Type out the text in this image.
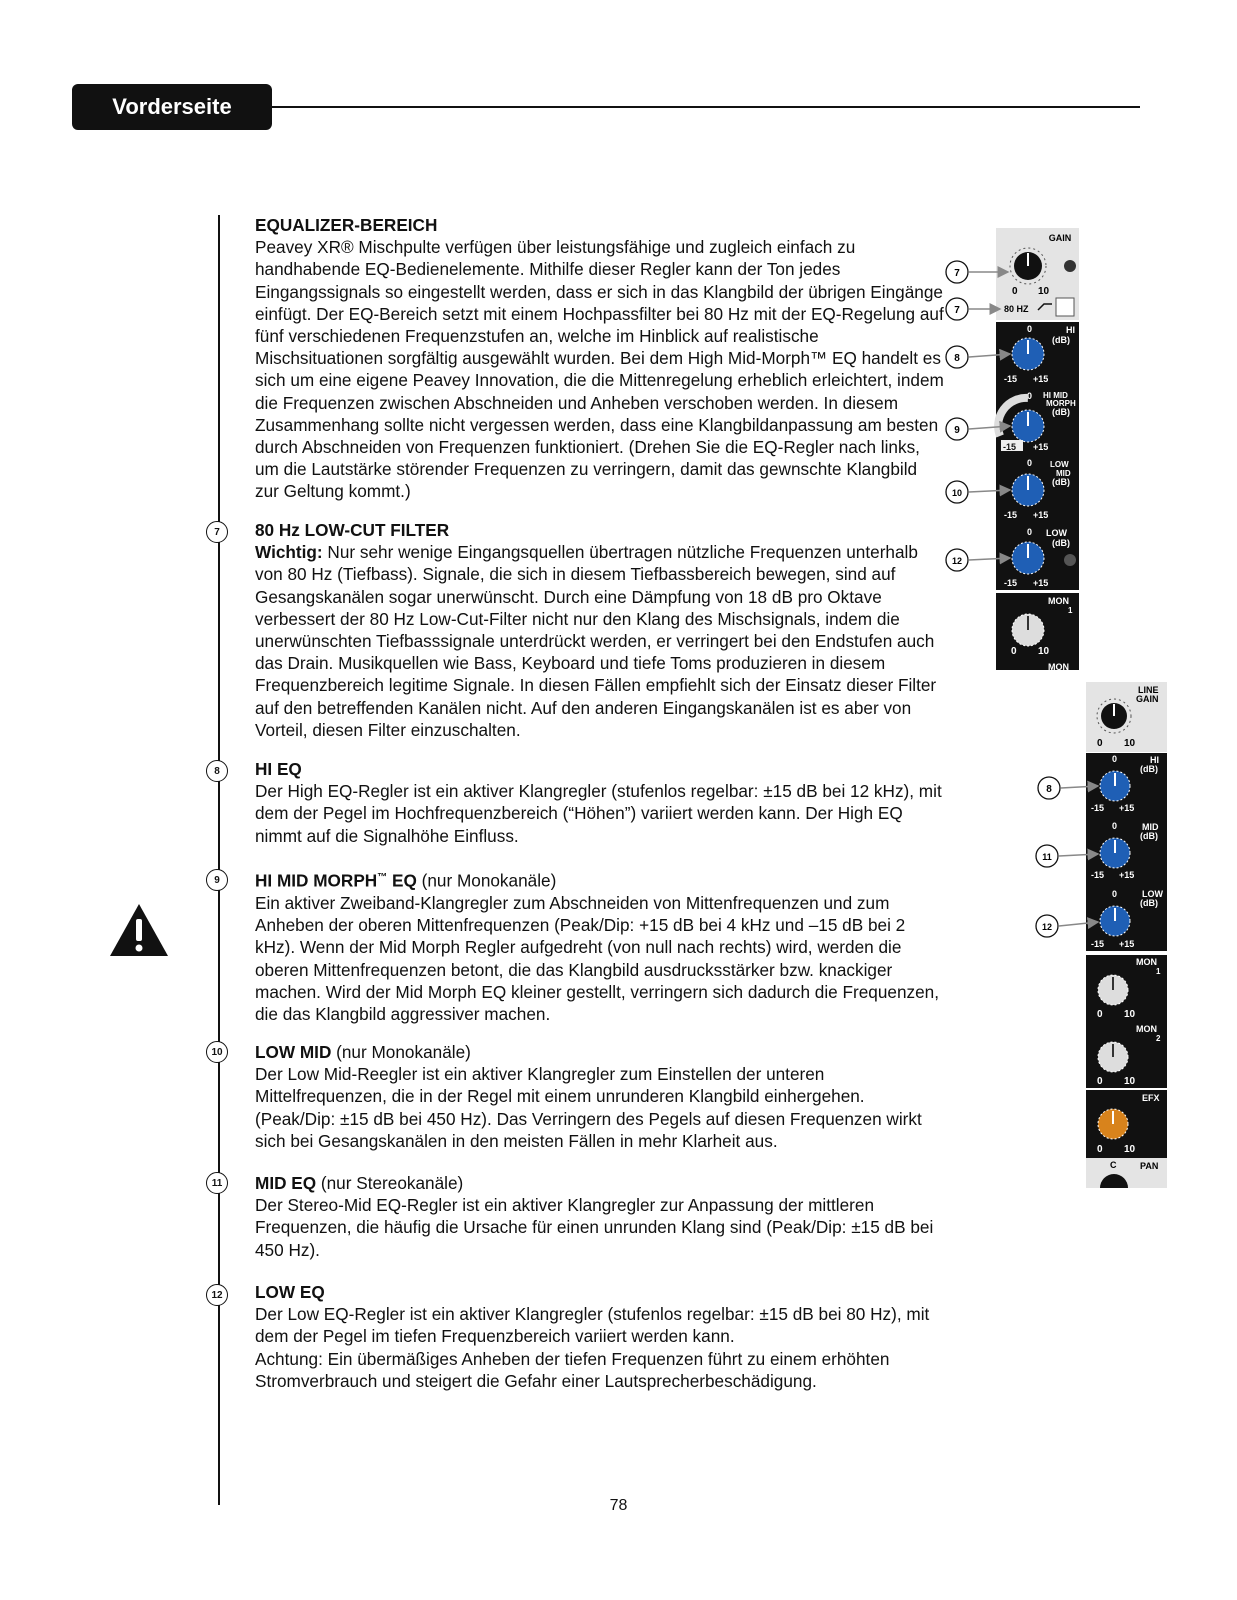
Vorderseite
7
8
9
10
11
12
EQUALIZER-BEREICH

Peavey XR® Mischpulte verfügen über leistungsfähige und zugleich einfach zu handhabende EQ-Bedienelemente. Mithilfe dieser Regler kann der Ton jedes Eingangssignals so eingestellt werden, dass er sich in das Klangbild der übrigen Eingänge einfügt. Der EQ-Bereich setzt mit einem Hochpassfilter bei 80 Hz mit der EQ-Regelung auf fünf verschiedenen Frequenzstufen an, welche im Hinblick auf realistische Mischsituationen sorgfältig ausgewählt wurden. Bei dem High Mid-Morph™ EQ handelt es sich um eine eigene Peavey Innovation, die die Mittenregelung erheblich erleichtert, indem die Frequenzen zwischen Abschneiden und Anheben verschoben werden. In diesem Zusammenhang sollte nicht vergessen werden, dass eine Klangbildanpassung am besten durch Abschneiden von Frequenzen funktioniert. (Drehen Sie die EQ-Regler nach links, um die Lautstärke störender Frequenzen zu verringern, damit das gewnschte Klangbild zur Geltung kommt.)

80 Hz LOW-CUT FILTER

Wichtig: Nur sehr wenige Eingangsquellen übertragen nützliche Frequenzen unterhalb von 80 Hz (Tiefbass). Signale, die sich in diesem Tiefbassbereich bewegen, sind auf Gesangskanälen sogar unerwünscht. Durch eine Dämpfung von 18 dB pro Oktave verbessert der 80 Hz Low-Cut-Filter nicht nur den Klang des Mischsignals, indem die unerwünschten Tiefbasssignale unterdrückt werden, er verringert bei den Endstufen auch das Drain. Musikquellen wie Bass, Keyboard und tiefe Toms produzieren in diesem Frequenzbereich legitime Signale. In diesen Fällen empfiehlt sich der Einsatz dieser Filter auf den betreffenden Kanälen nicht. Auf den anderen Eingangskanälen ist es aber von Vorteil, diesen Filter einzuschalten.

HI EQ

Der High EQ-Regler ist ein aktiver Klangregler (stufenlos regelbar: ±15 dB bei 12 kHz), mit dem der Pegel im Hochfrequenzbereich (“Höhen”) variiert werden kann. Der High EQ nimmt auf die Signalhöhe Einfluss.

HI MID MORPH™ EQ (nur Monokanäle)

Ein aktiver Zweiband-Klangregler zum Abschneiden von Mittenfrequenzen und zum Anheben der oberen Mittenfrequenzen (Peak/Dip: +15 dB bei 4 kHz und –15 dB bei 2 kHz). Wenn der Mid Morph Regler aufgedreht (von null nach rechts) wird, werden die oberen Mittenfrequenzen betont, die das Klangbild ausdrucksstärker bzw. knackiger machen. Wird der Mid Morph EQ kleiner gestellt, verringern sich dadurch die Frequenzen, die das Klangbild aggressiver machen.

LOW MID (nur Monokanäle)

Der Low Mid-Reegler ist ein aktiver Klangregler zum Einstellen der unteren Mittelfrequenzen, die in der Regel mit einem unrunderen Klangbild einhergehen. (Peak/Dip: ±15 dB bei 450 Hz). Das Verringern des Pegels auf diesen Frequenzen wirkt sich bei Gesangskanälen in den meisten Fällen in mehr Klarheit aus.

MID EQ (nur Stereokanäle)

Der Stereo-Mid EQ-Regler ist ein aktiver Klangregler zur Anpassung der mittleren Frequenzen, die häufig die Ursache für einen unrunden Klang sind (Peak/Dip: ±15 dB bei 450 Hz).

LOW EQ

Der Low EQ-Regler ist ein aktiver Klangregler (stufenlos regelbar: ±15 dB bei 80 Hz), mit dem der Pegel im tiefen Frequenzbereich variiert werden kann.

Achtung: Ein übermäßiges Anheben der tiefen Frequenzen führt zu einem erhöhten Stromverbrauch und steigert die Gefahr einer Lautsprecherbeschädigung.

GAIN
0 10
80 HZ
0	HI
(dB)
-15 +15
0 HI MID
MORPH
(dB)
-15 +15
0 LOW
MID
(dB)
-15 +15
0 LOW
(dB)
-15 +15
MON
1
0 10
MON
7
7
8
9
10
12
LINE
GAIN
0 10
0	HI
(dB)
-15 +15
0	MID
(dB)
-15 +15
0	LOW
(dB)
-15 +15
MON
1
0 10
MON
2
0 10
EFX
0 10
C	PAN
8
11
12
78
